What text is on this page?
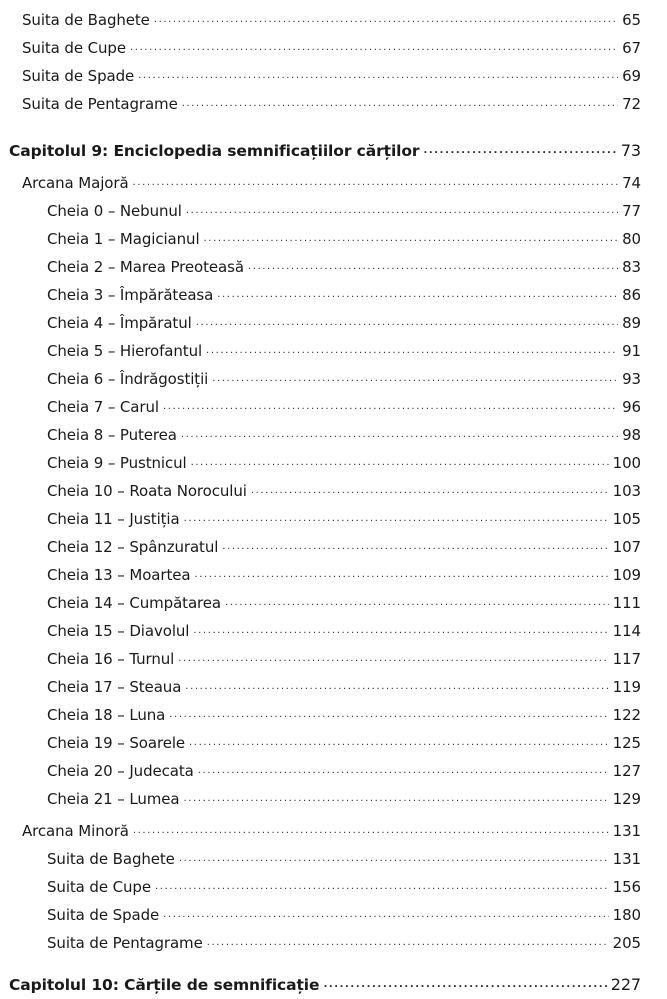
Suita de Baghete .....	65
Suita de Cupe .....	67
Suita de Spade .....	69
Suita de Pentagrame .....	72
Capitolul 9: Enciclopedia semnificațiilor cărților .....	73
Arcana Majoră .....	74
Cheia 0 – Nebunul .....	77
Cheia 1 – Magicianul .....	80
Cheia 2 – Marea Preoteasă .....	83
Cheia 3 – Împărăteasa .....	86
Cheia 4 – Împăratul .....	89
Cheia 5 – Hierofantul .....	91
Cheia 6 – Îndrăgostiții .....	93
Cheia 7 – Carul .....	96
Cheia 8 – Puterea .....	98
Cheia 9 – Pustnicul .....	100
Cheia 10 – Roata Norocului .....	103
Cheia 11 – Justiția .....	105
Cheia 12 – Spânzuratul .....	107
Cheia 13 – Moartea .....	109
Cheia 14 – Cumpătarea .....	111
Cheia 15 – Diavolul .....	114
Cheia 16 – Turnul .....	117
Cheia 17 – Steaua .....	119
Cheia 18 – Luna .....	122
Cheia 19 – Soarele .....	125
Cheia 20 – Judecata .....	127
Cheia 21 – Lumea .....	129
Arcana Minoră .....	131
Suita de Baghete .....	131
Suita de Cupe .....	156
Suita de Spade .....	180
Suita de Pentagrame .....	205
Capitolul 10: Cărțile de semnificație .....	227
